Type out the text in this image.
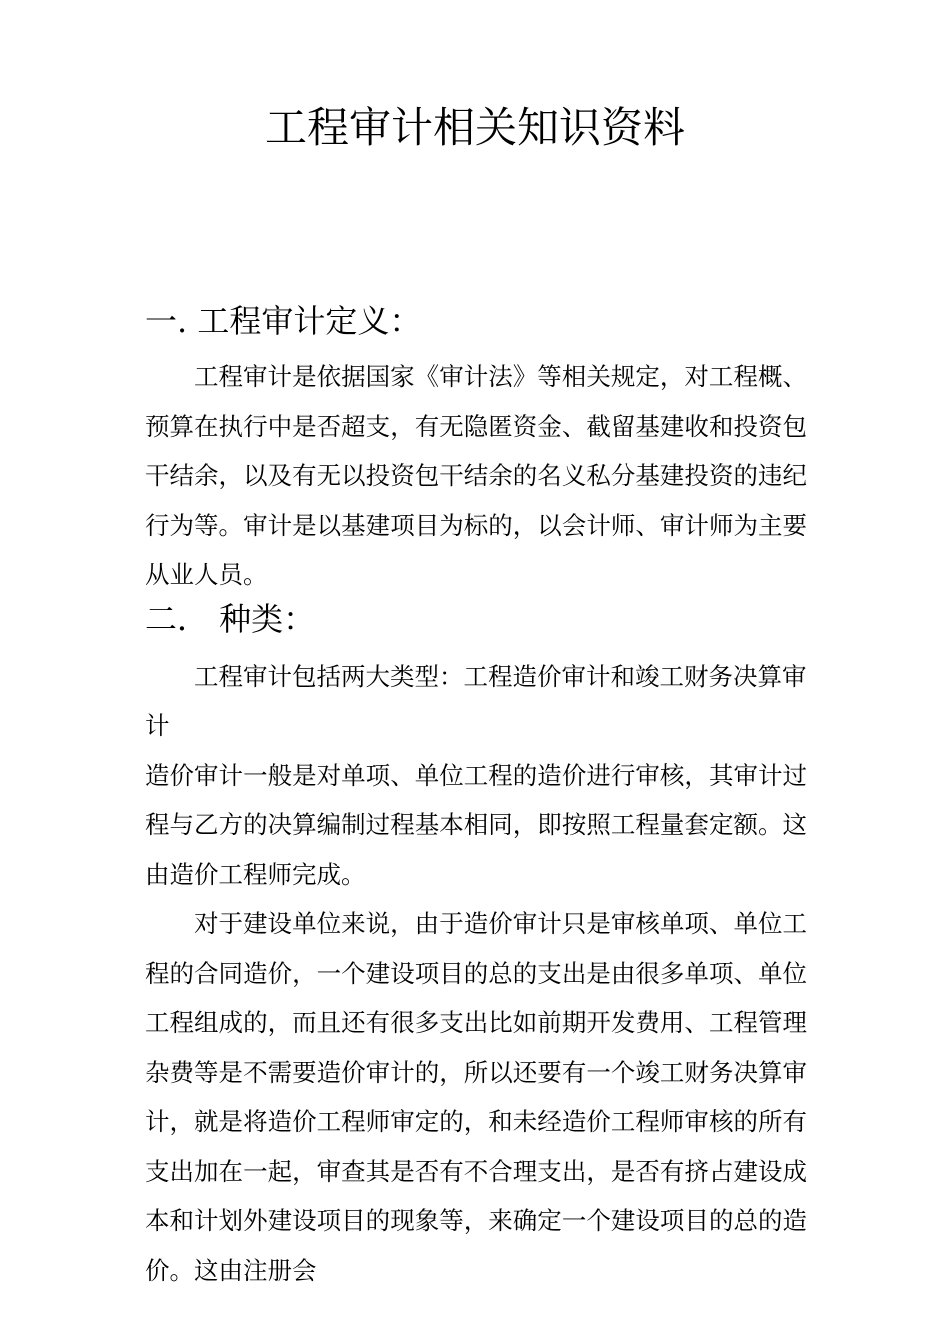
工程审计相关知识资料
一. 工程审计定义：

工程审计是依据国家《审计法》等相关规定，对工程概、预算在执行中是否超支，有无隐匿资金、截留基建收和投资包干结余，以及有无以投资包干结余的名义私分基建投资的违纪行为等。审计是以基建项目为标的，以会计师、审计师为主要从业人员。

二． 种类：

工程审计包括两大类型：工程造价审计和竣工财务决算审计

造价审计一般是对单项、单位工程的造价进行审核，其审计过程与乙方的决算编制过程基本相同，即按照工程量套定额。这由造价工程师完成。

对于建设单位来说，由于造价审计只是审核单项、单位工程的合同造价，一个建设项目的总的支出是由很多单项、单位工程组成的，而且还有很多支出比如前期开发费用、工程管理杂费等是不需要造价审计的，所以还要有一个竣工财务决算审计，就是将造价工程师审定的，和未经造价工程师审核的所有支出加在一起，审查其是否有不合理支出，是否有挤占建设成本和计划外建设项目的现象等，来确定一个建设项目的总的造价。这由注册会
